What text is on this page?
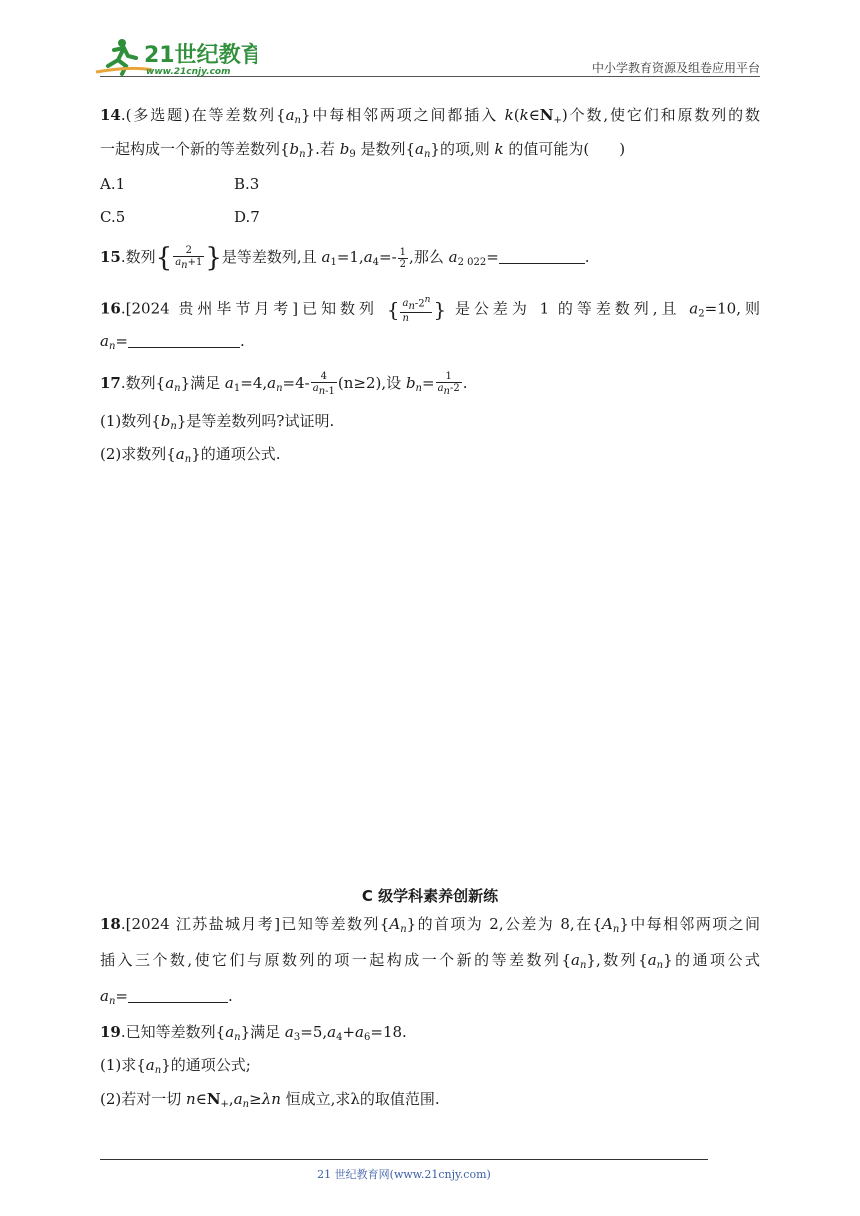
21世纪教育
www.21cnjy.com	中小学教育资源及组卷应用平台
14.(多选题)在等差数列$\{a_n\}$中每相邻两项之间都插入 $k(k\in N_+)$个数,使它们和原数列的数
一起构成一个新的等差数列$\{b_n\}$.若 $b_9$ 是数列$\{a_n\}$的项,则 k 的值可能为(　　)
A.1	B.3
C.5	D.7
15.数列{ $\frac{2}{a_n+1}$ }是等差数列,且 $a_1=1,a_4=- \frac{1}{2}$ ,那么 $a_{2 022}=$	.
16.[2024 贵州毕节月考]已知数列 { $\frac{a_n-2^n}{n}$ } 是公差为 1 的等差数列,且 $a_2=10$,则
$a_n=$	.
17.数列$\{a_n\}$满足 $a_1=4,a_n=4- \frac{4}{a_{n-1}} (n\ge 2)$,设 $b_n= \frac{1}{a_n-2}$ .
(1)数列$\{b_n\}$是等差数列吗?试证明.
(2)求数列$\{a_n\}$的通项公式.
C 级学科素养创新练
18.[2024 江苏盐城月考]已知等差数列$\{A_n\}$的首项为 2,公差为 8,在$\{A_n\}$中每相邻两项之间
插入三个数,使它们与原数列的项一起构成一个新的等差数列$\{a_n\}$,数列$\{a_n\}$的通项公式
$a_n=$	.
19.已知等差数列$\{a_n\}$满足 $a_3=5,a_4+a_6=18$.
(1)求$\{a_n\}$的通项公式;
(2)若对一切 $n\in N_+,a_n\ge\lambda n$ 恒成立,求λ的取值范围.
21 世纪教育网(www.21cnjy.com)
